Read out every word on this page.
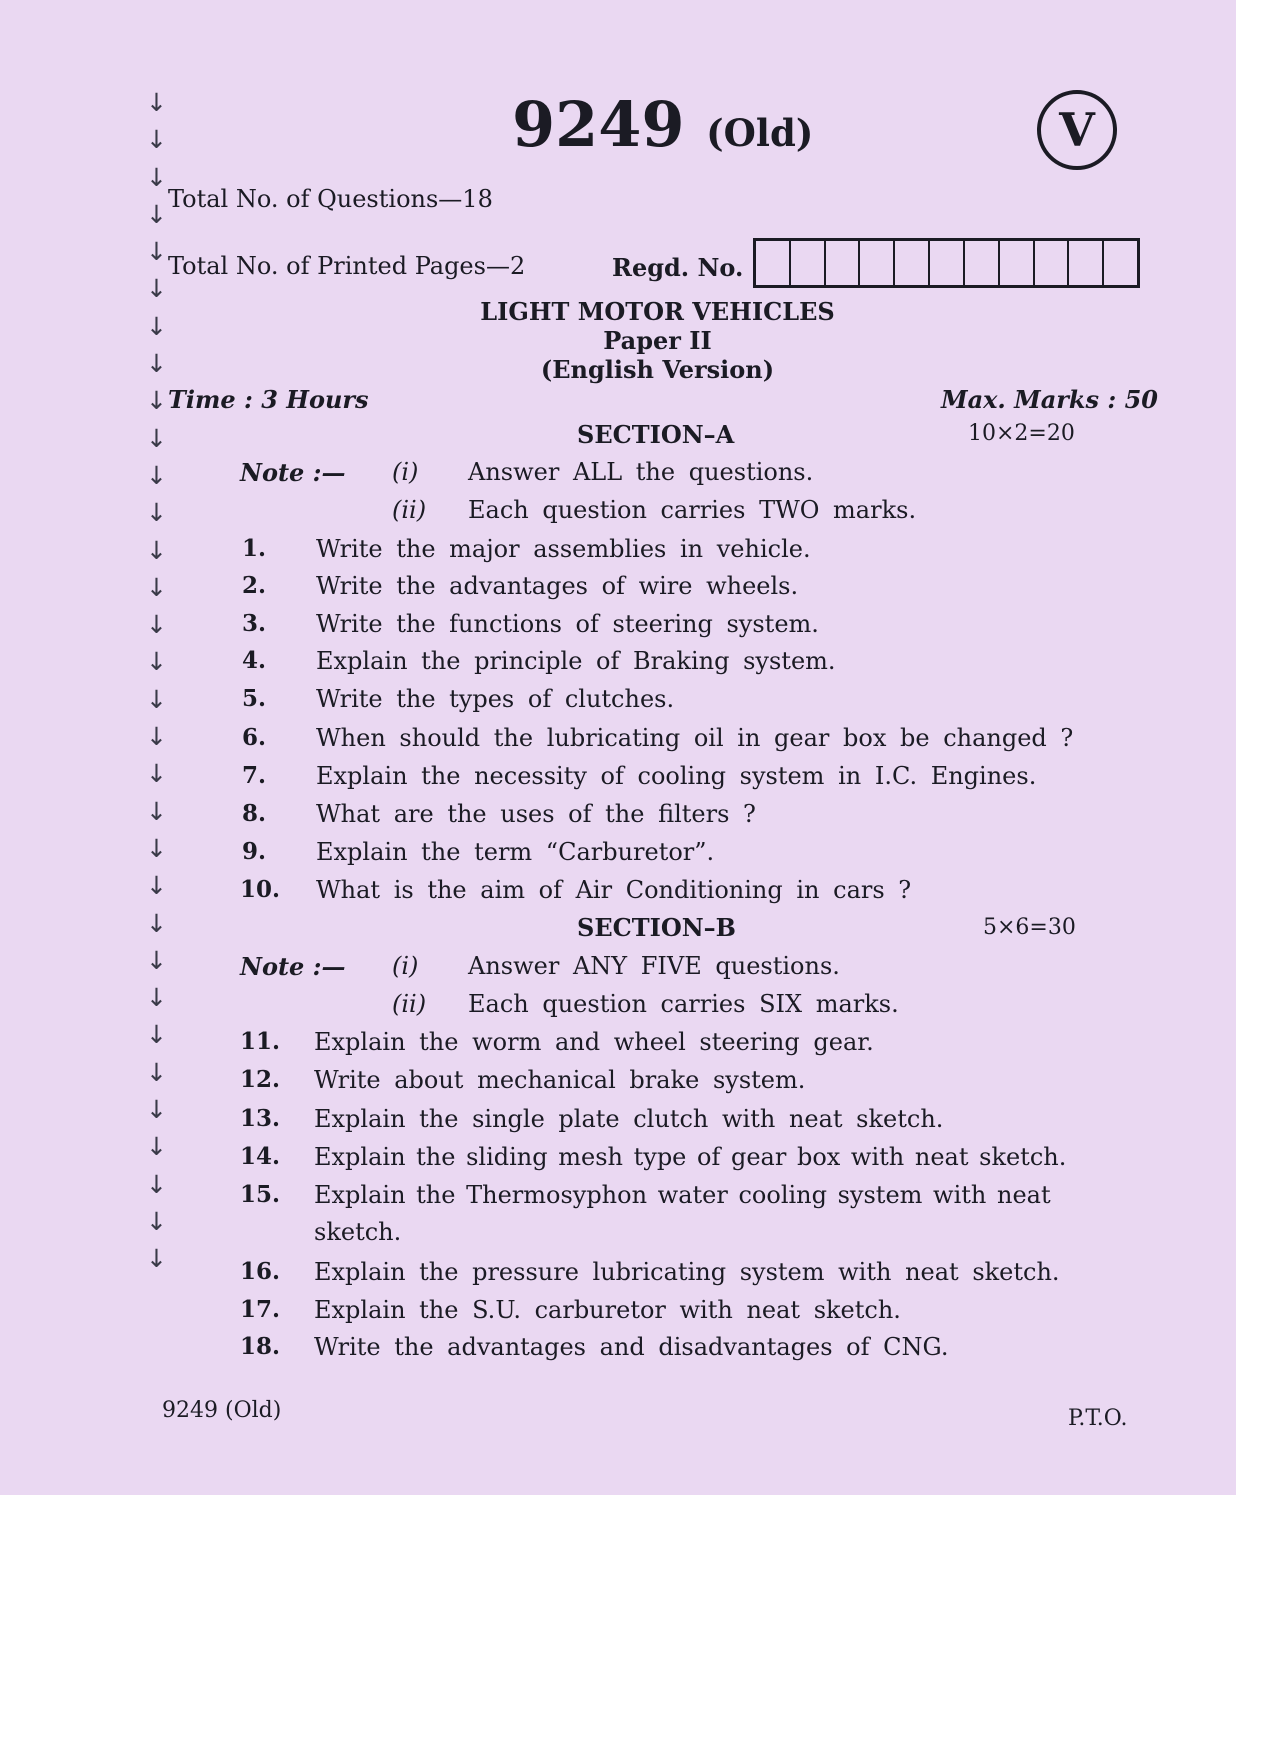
↓
↓
↓
↓
↓
↓
↓
↓
↓
↓
↓
↓
↓
↓
↓
↓
↓
↓
↓
↓
↓
↓
↓
↓
↓
↓
↓
↓
↓
↓
↓
↓
9249 (Old)	V
Total No. of Questions—18
Total No. of Printed Pages—2	Regd. No.
LIGHT MOTOR VEHICLES
Paper II
(English Version)
Time : 3 Hours	Max. Marks : 50
SECTION–A	10×2=20
Note :— (i) Answer ALL the questions.
(ii) Each question carries TWO marks.
1. Write the major assemblies in vehicle.
2. Write the advantages of wire wheels.
3. Write the functions of steering system.
4. Explain the principle of Braking system.
5. Write the types of clutches.
6. When should the lubricating oil in gear box be changed ?
7. Explain the necessity of cooling system in I.C. Engines.
8. What are the uses of the filters ?
9. Explain the term “Carburetor”.
10. What is the aim of Air Conditioning in cars ?
SECTION–B	5×6=30
Note :— (i) Answer ANY FIVE questions.
(ii) Each question carries SIX marks.
11. Explain the worm and wheel steering gear.
12. Write about mechanical brake system.
13. Explain the single plate clutch with neat sketch.
14. Explain the sliding mesh type of gear box with neat sketch.
15. Explain the Thermosyphon water cooling system with neat
sketch.
16. Explain the pressure lubricating system with neat sketch.
17. Explain the S.U. carburetor with neat sketch.
18. Write the advantages and disadvantages of CNG.
9249 (Old)	P.T.O.
